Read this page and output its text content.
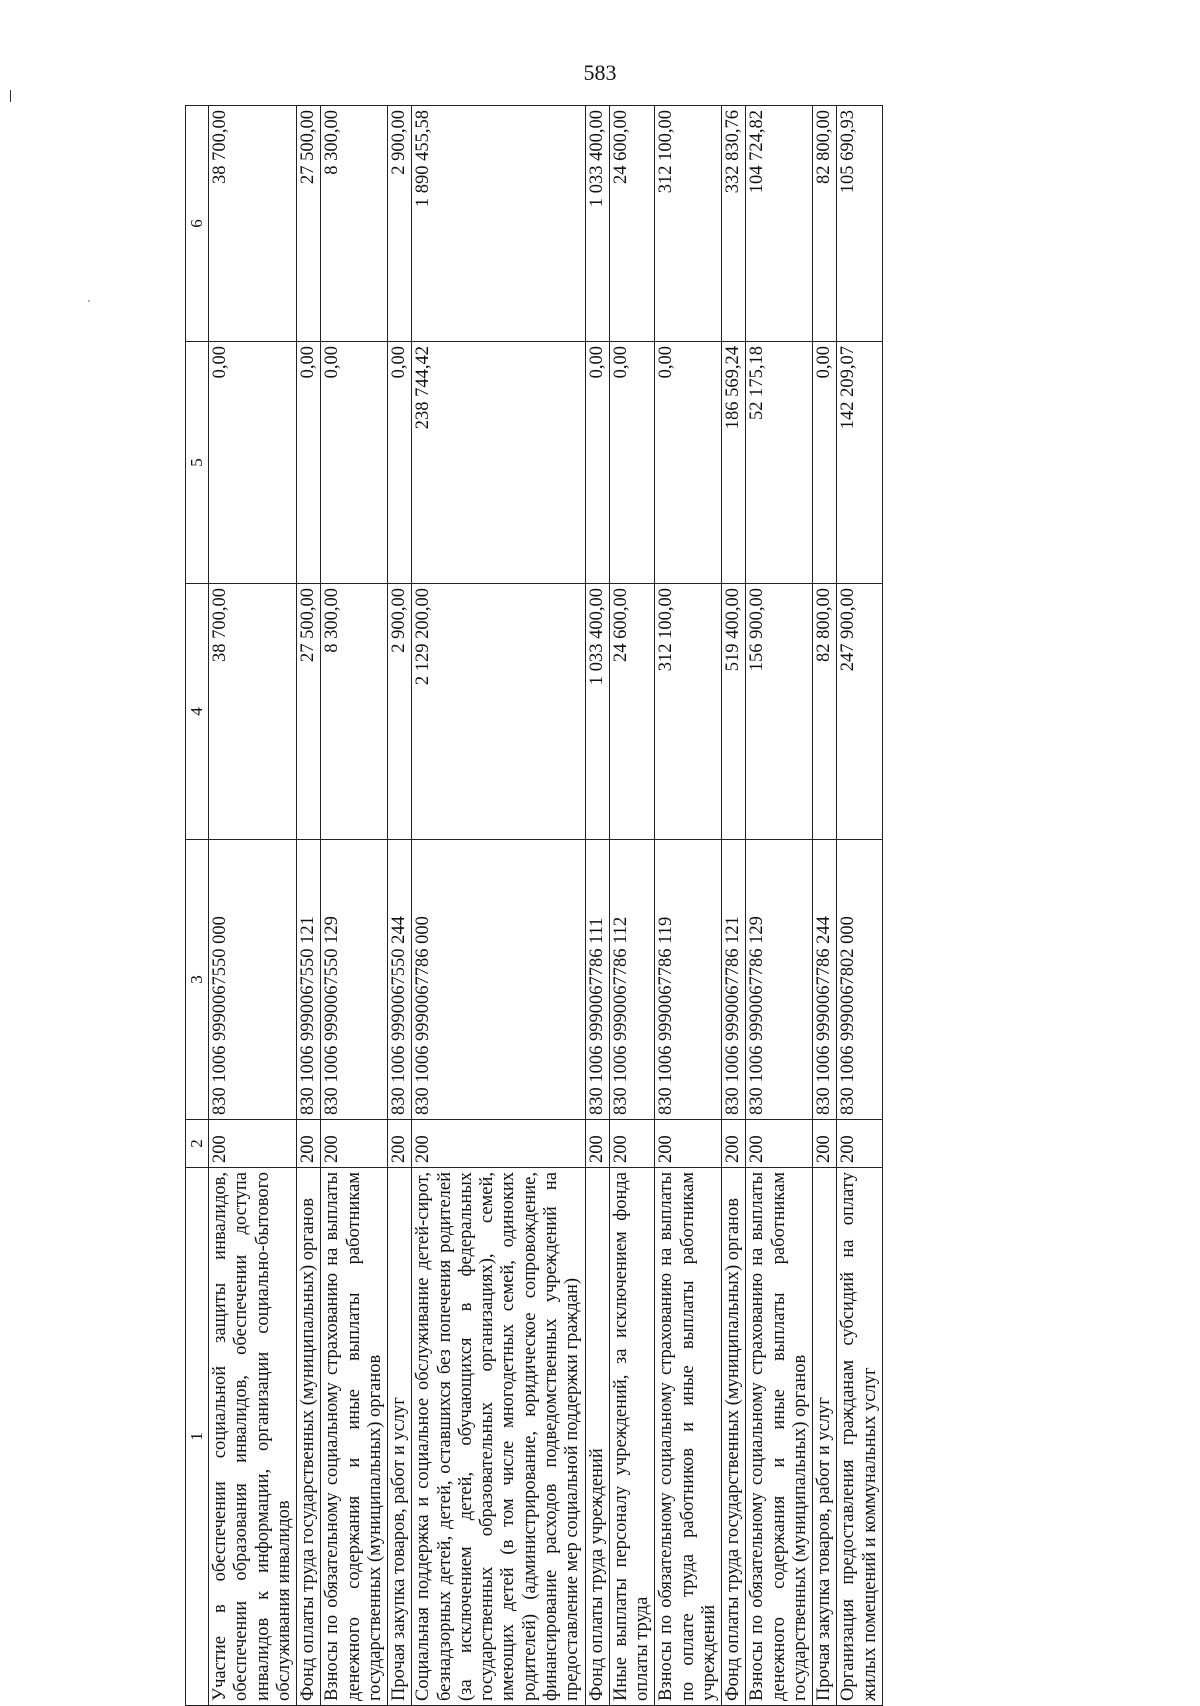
583
1	2	3	4	5	6
Участие в обеспечении социальной защиты инвалидов, обеспечении образования инвалидов, обеспечении доступа инвалидов к информации, организации социально-бытового обслуживания инвалидов	200	830 1006 9990067550 000	38 700,00	0,00	38 700,00
Фонд оплаты труда государственных (муниципальных) органов	200	830 1006 9990067550 121	27 500,00	0,00	27 500,00
Взносы по обязательному социальному страхованию на выплаты денежного содержания и иные выплаты работникам государственных (муниципальных) органов	200	830 1006 9990067550 129	8 300,00	0,00	8 300,00
Прочая закупка товаров, работ и услуг	200	830 1006 9990067550 244	2 900,00	0,00	2 900,00
Социальная поддержка и социальное обслуживание детей-сирот, безнадзорных детей, детей, оставшихся без попечения родителей (за исключением детей, обучающихся в федеральных государственных образовательных организациях), семей, имеющих детей (в том числе многодетных семей, одиноких родителей) (администрирование, юридическое сопровождение, финансирование расходов подведомственных учреждений на предоставление мер социальной поддержки граждан)	200	830 1006 9990067786 000	2 129 200,00	238 744,42	1 890 455,58
Фонд оплаты труда учреждений	200	830 1006 9990067786 111	1 033 400,00	0,00	1 033 400,00
Иные выплаты персоналу учреждений, за исключением фонда оплаты труда	200	830 1006 9990067786 112	24 600,00	0,00	24 600,00
Взносы по обязательному социальному страхованию на выплаты по оплате труда работников и иные выплаты работникам учреждений	200	830 1006 9990067786 119	312 100,00	0,00	312 100,00
Фонд оплаты труда государственных (муниципальных) органов	200	830 1006 9990067786 121	519 400,00	186 569,24	332 830,76
Взносы по обязательному социальному страхованию на выплаты денежного содержания и иные выплаты работникам государственных (муниципальных) органов	200	830 1006 9990067786 129	156 900,00	52 175,18	104 724,82
Прочая закупка товаров, работ и услуг	200	830 1006 9990067786 244	82 800,00	0,00	82 800,00
Организация предоставления гражданам субсидий на оплату жилых помещений и коммунальных услуг	200	830 1006 9990067802 000	247 900,00	142 209,07	105 690,93
